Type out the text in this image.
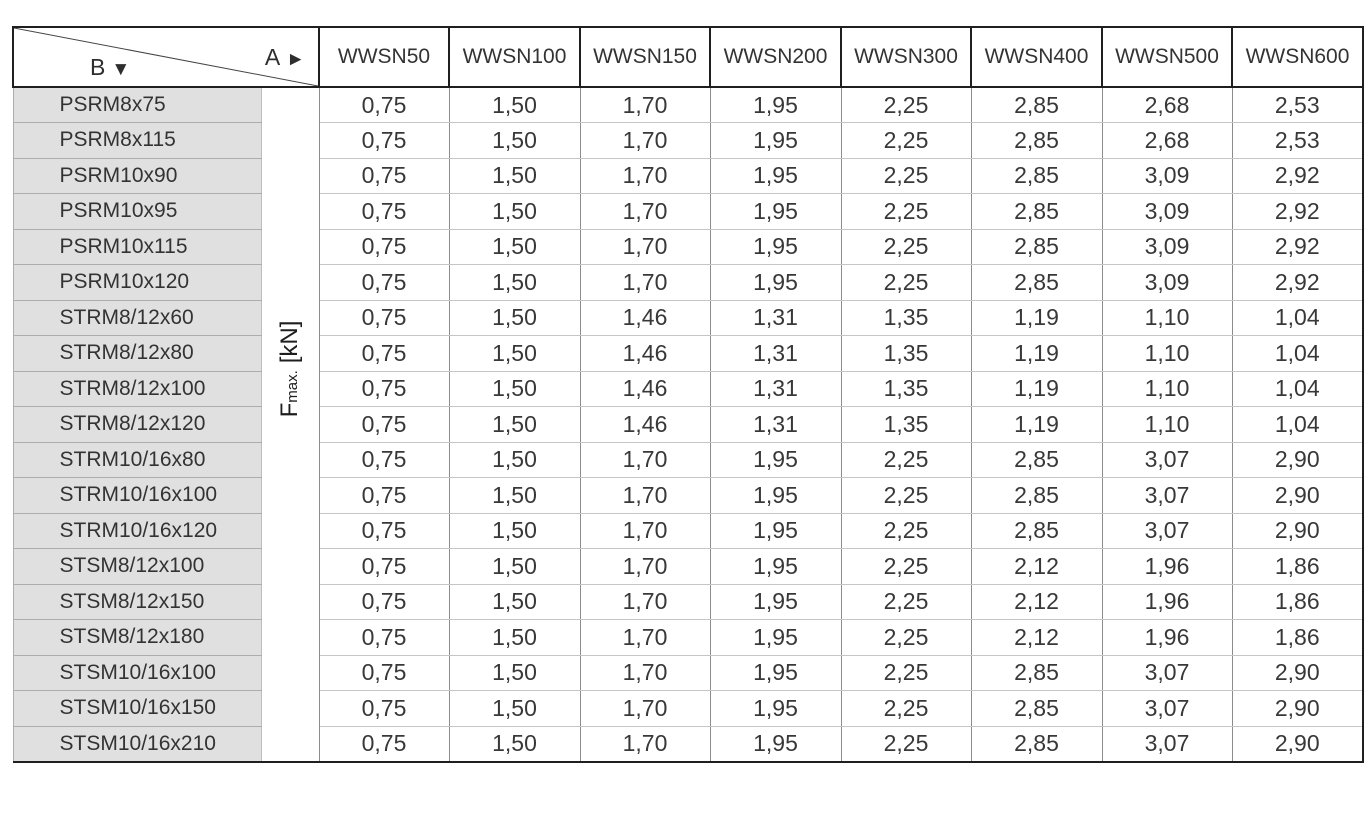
B ▼ A ►		WWSN50	WWSN100	WWSN150	WWSN200	WWSN300	WWSN400	WWSN500	WWSN600
PSRM8x75	Fmax.[kN]	0,75	1,50	1,70	1,95	2,25	2,85	2,68	2,53
PSRM8x115		0,75	1,50	1,70	1,95	2,25	2,85	2,68	2,53
PSRM10x90		0,75	1,50	1,70	1,95	2,25	2,85	3,09	2,92
PSRM10x95		0,75	1,50	1,70	1,95	2,25	2,85	3,09	2,92
PSRM10x115		0,75	1,50	1,70	1,95	2,25	2,85	3,09	2,92
PSRM10x120		0,75	1,50	1,70	1,95	2,25	2,85	3,09	2,92
STRM8/12x60		0,75	1,50	1,46	1,31	1,35	1,19	1,10	1,04
STRM8/12x80		0,75	1,50	1,46	1,31	1,35	1,19	1,10	1,04
STRM8/12x100		0,75	1,50	1,46	1,31	1,35	1,19	1,10	1,04
STRM8/12x120		0,75	1,50	1,46	1,31	1,35	1,19	1,10	1,04
STRM10/16x80		0,75	1,50	1,70	1,95	2,25	2,85	3,07	2,90
STRM10/16x100		0,75	1,50	1,70	1,95	2,25	2,85	3,07	2,90
STRM10/16x120		0,75	1,50	1,70	1,95	2,25	2,85	3,07	2,90
STSM8/12x100		0,75	1,50	1,70	1,95	2,25	2,12	1,96	1,86
STSM8/12x150		0,75	1,50	1,70	1,95	2,25	2,12	1,96	1,86
STSM8/12x180		0,75	1,50	1,70	1,95	2,25	2,12	1,96	1,86
STSM10/16x100		0,75	1,50	1,70	1,95	2,25	2,85	3,07	2,90
STSM10/16x150		0,75	1,50	1,70	1,95	2,25	2,85	3,07	2,90
STSM10/16x210		0,75	1,50	1,70	1,95	2,25	2,85	3,07	2,90
